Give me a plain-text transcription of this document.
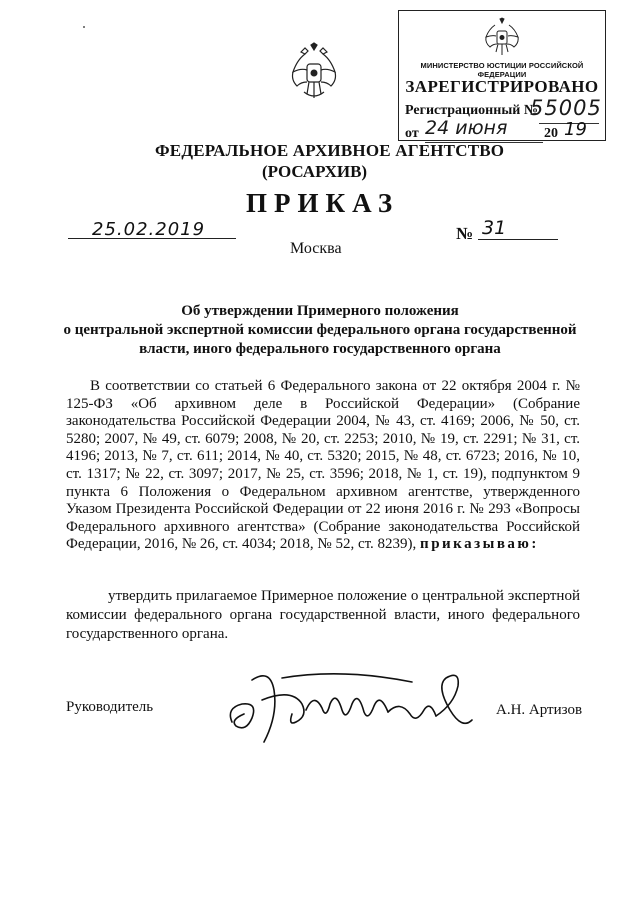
МИНИСТЕРСТВО ЮСТИЦИИ РОССИЙСКОЙ ФЕДЕРАЦИИ
ЗАРЕГИСТРИРОВАНО
Регистрационный №
55005
от 24 июня	20 19
ФЕДЕРАЛЬНОЕ АРХИВНОЕ АГЕНТСТВО
(РОСАРХИВ)
ПРИКАЗ
25.02.2019	№ 31
Москва
Об утверждении Примерного положения
о центральной экспертной комиссии федерального органа государственной
власти, иного федерального государственного органа
В соответствии со статьей 6 Федерального закона от 22 октября 2004 г. № 125-ФЗ «Об архивном деле в Российской Федерации» (Собрание законодательства Российской Федерации 2004, № 43, ст. 4169; 2006, № 50, ст. 5280; 2007, № 49, ст. 6079; 2008, № 20, ст. 2253; 2010, № 19, ст. 2291; № 31, ст. 4196; 2013, № 7, ст. 611; 2014, № 40, ст. 5320; 2015, № 48, ст. 6723; 2016, № 10, ст. 1317; № 22, ст. 3097; 2017, № 25, ст. 3596; 2018, № 1, ст. 19), подпунктом 9 пункта 6 Положения о Федеральном архивном агентстве, утвержденного Указом Президента Российской Федерации от 22 июня 2016 г. № 293 «Вопросы Федерального архивного агентства» (Собрание законодательства Российской Федерации, 2016, № 26, ст. 4034; 2018, № 52, ст. 8239), приказываю:
утвердить прилагаемое Примерное положение о центральной экспертной комиссии федерального органа государственной власти, иного федерального государственного органа.
Руководитель	А.Н. Артизов
